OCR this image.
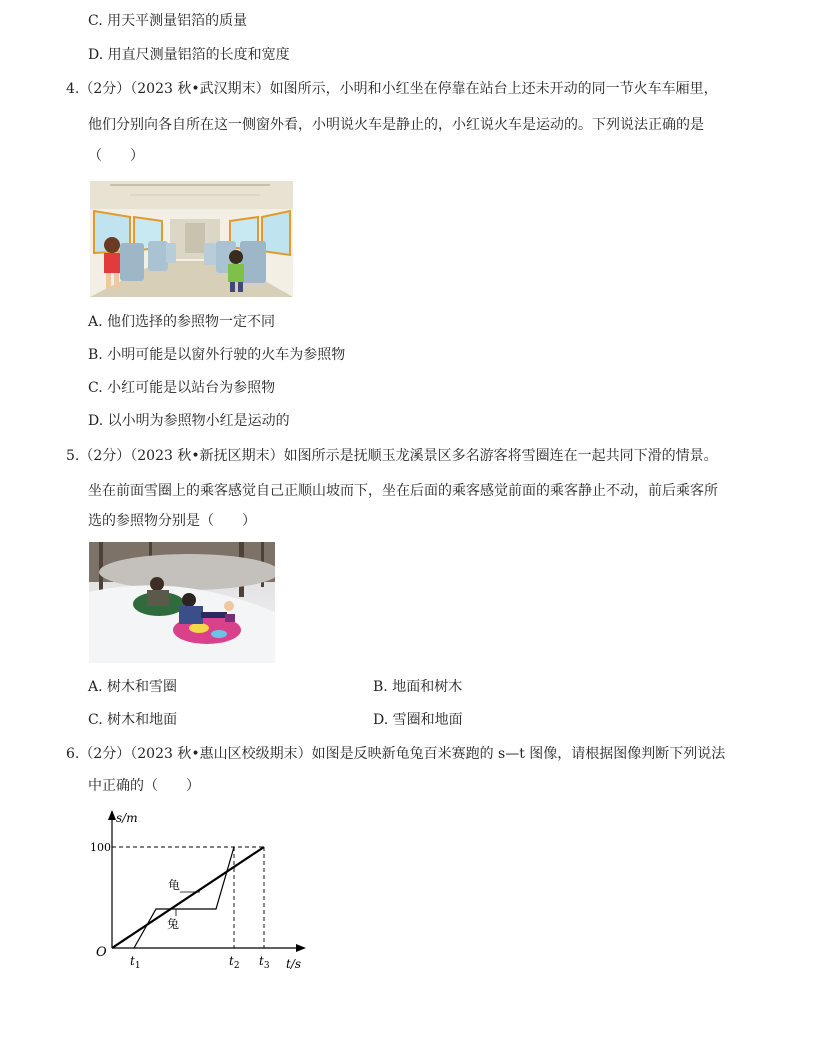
C. 用天平测量铝箔的质量
D. 用直尺测量铝箔的长度和宽度
4.（2分）（2023 秋•武汉期末）如图所示，小明和小红坐在停靠在站台上还未开动的同一节火车车厢里，
他们分别向各自所在这一侧窗外看，小明说火车是静止的，小红说火车是运动的。下列说法正确的是
（　　）
A. 他们选择的参照物一定不同
B. 小明可能是以窗外行驶的火车为参照物
C. 小红可能是以站台为参照物
D. 以小明为参照物小红是运动的
5.（2分）（2023 秋•新抚区期末）如图所示是抚顺玉龙溪景区多名游客将雪圈连在一起共同下滑的情景。
坐在前面雪圈上的乘客感觉自己正顺山坡而下，坐在后面的乘客感觉前面的乘客静止不动，前后乘客所
选的参照物分别是（　　）
A. 树木和雪圈	B. 地面和树木
C. 树木和地面	D. 雪圈和地面
6.（2分）（2023 秋•惠山区校级期末）如图是反映新龟兔百米赛跑的 s—t 图像，请根据图像判断下列说法
中正确的（　　）
s/m
100
O
t/s
龟
兔
$t_1$	$t_2$ $t_3$
